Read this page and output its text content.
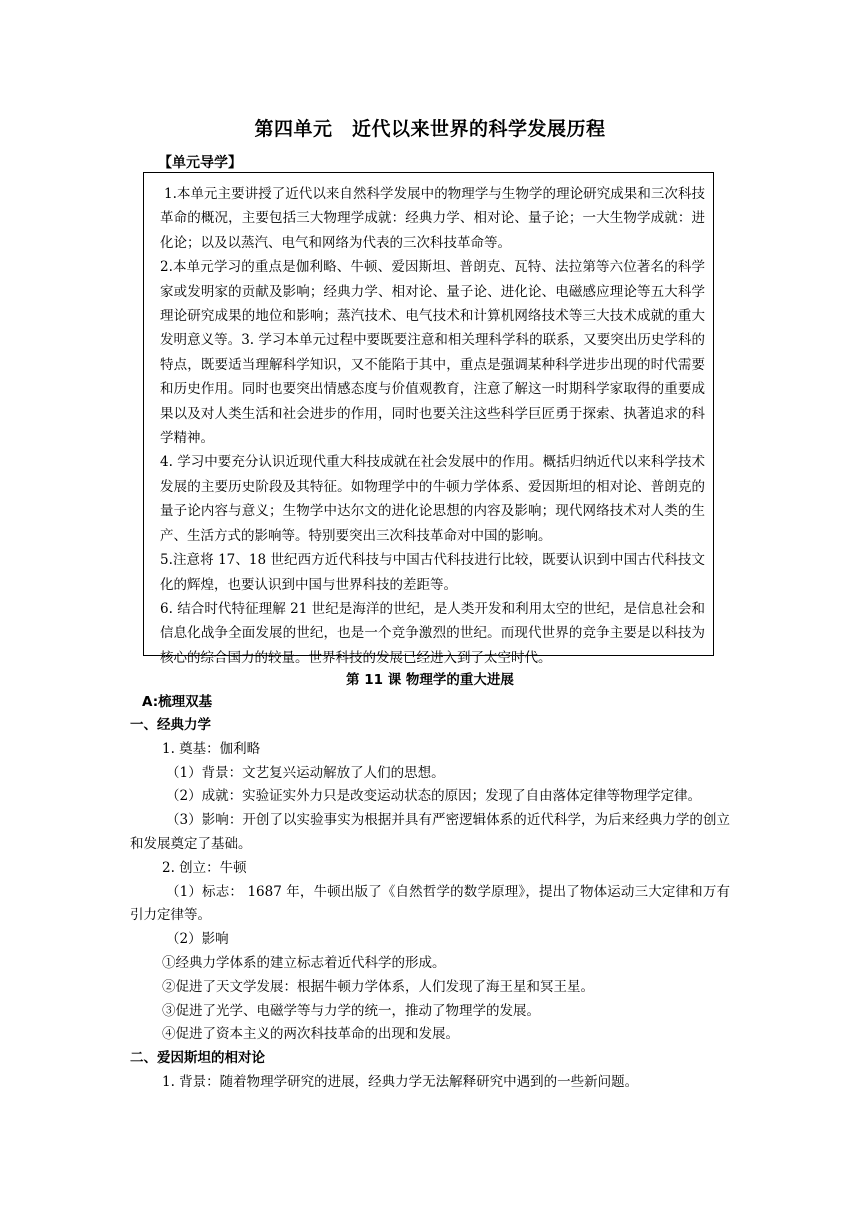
第四单元　近代以来世界的科学发展历程
【单元导学】

1.本单元主要讲授了近代以来自然科学发展中的物理学与生物学的理论研究成果和三次科技革命的概况，主要包括三大物理学成就：经典力学、相对论、量子论；一大生物学成就：进化论；以及以蒸汽、电气和网络为代表的三次科技革命等。

2.本单元学习的重点是伽利略、牛顿、爱因斯坦、普朗克、瓦特、法拉第等六位著名的科学家或发明家的贡献及影响；经典力学、相对论、量子论、进化论、电磁感应理论等五大科学理论研究成果的地位和影响；蒸汽技术、电气技术和计算机网络技术等三大技术成就的重大发明意义等。3. 学习本单元过程中要既要注意和相关理科学科的联系，又要突出历史学科的特点，既要适当理解科学知识，又不能陷于其中，重点是强调某种科学进步出现的时代需要和历史作用。同时也要突出情感态度与价值观教育，注意了解这一时期科学家取得的重要成果以及对人类生活和社会进步的作用，同时也要关注这些科学巨匠勇于探索、执著追求的科学精神。

4. 学习中要充分认识近现代重大科技成就在社会发展中的作用。概括归纳近代以来科学技术发展的主要历史阶段及其特征。如物理学中的牛顿力学体系、爱因斯坦的相对论、普朗克的量子论内容与意义；生物学中达尔文的进化论思想的内容及影响；现代网络技术对人类的生产、生活方式的影响等。特别要突出三次科技革命对中国的影响。

5.注意将 17、18 世纪西方近代科技与中国古代科技进行比较，既要认识到中国古代科技文化的辉煌，也要认识到中国与世界科技的差距等。

6. 结合时代特征理解 21 世纪是海洋的世纪，是人类开发和利用太空的世纪，是信息社会和信息化战争全面发展的世纪，也是一个竞争激烈的世纪。而现代世界的竞争主要是以科技为核心的综合国力的较量。世界科技的发展已经进入到了太空时代。

第 11 课 物理学的重大进展

A:梳理双基

一、经典力学

1. 奠基：伽利略

（1）背景：文艺复兴运动解放了人们的思想。

（2）成就：实验证实外力只是改变运动状态的原因；发现了自由落体定律等物理学定律。

（3）影响：开创了以实验事实为根据并具有严密逻辑体系的近代科学，为后来经典力学的创立和发展奠定了基础。

2. 创立：牛顿

（1）标志： 1687 年，牛顿出版了《自然哲学的数学原理》，提出了物体运动三大定律和万有引力定律等。

（2）影响

①经典力学体系的建立标志着近代科学的形成。

②促进了天文学发展：根据牛顿力学体系，人们发现了海王星和冥王星。

③促进了光学、电磁学等与力学的统一，推动了物理学的发展。

④促进了资本主义的两次科技革命的出现和发展。

二、爱因斯坦的相对论

1. 背景：随着物理学研究的进展，经典力学无法解释研究中遇到的一些新问题。
